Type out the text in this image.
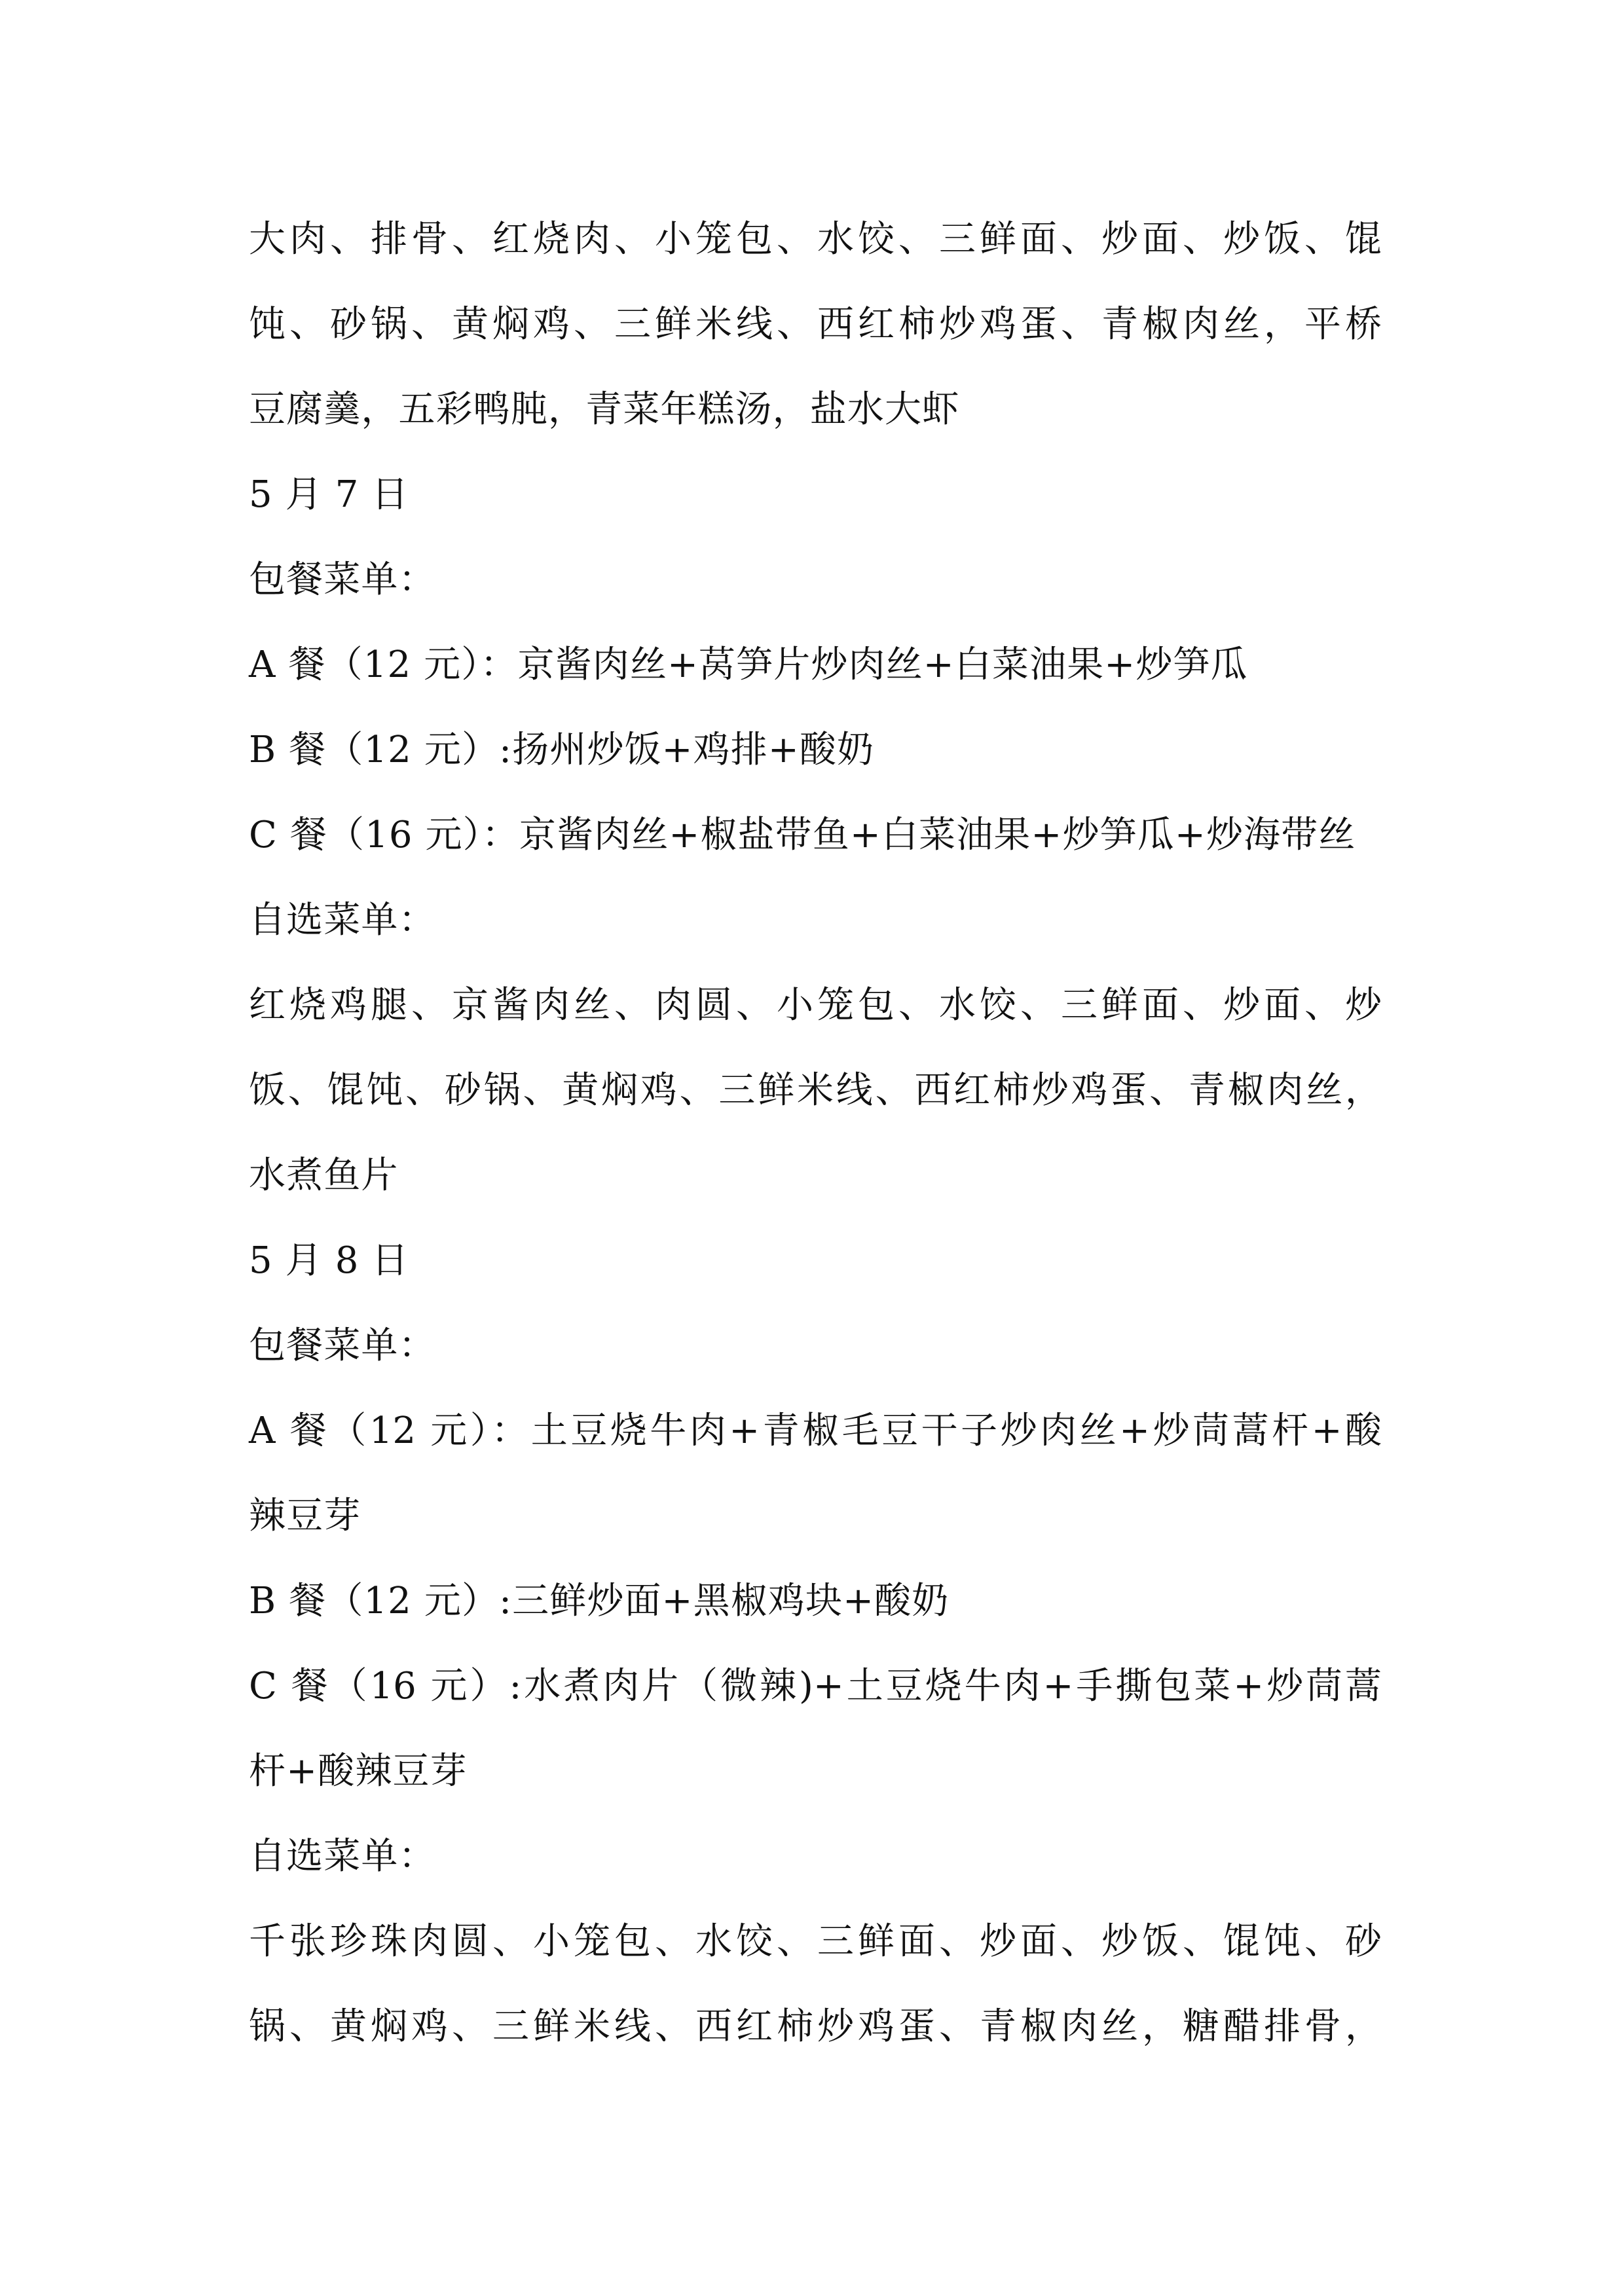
大肉、排骨、红烧肉、小笼包、水饺、三鲜面、炒面、炒饭、馄

饨、砂锅、黄焖鸡、三鲜米线、西红柿炒鸡蛋、青椒肉丝，平桥

豆腐羹，五彩鸭肫，青菜年糕汤，盐水大虾

5 月 7 日

包餐菜单：

A 餐（12 元）：京酱肉丝+莴笋片炒肉丝+白菜油果+炒笋瓜

B 餐（12 元）:扬州炒饭+鸡排+酸奶

C 餐（16 元）：京酱肉丝+椒盐带鱼+白菜油果+炒笋瓜+炒海带丝

自选菜单：

红烧鸡腿、京酱肉丝、肉圆、小笼包、水饺、三鲜面、炒面、炒

饭、馄饨、砂锅、黄焖鸡、三鲜米线、西红柿炒鸡蛋、青椒肉丝，

水煮鱼片

5 月 8 日

包餐菜单：

A 餐（12 元）：土豆烧牛肉+青椒毛豆干子炒肉丝+炒茼蒿杆+酸

辣豆芽

B 餐（12 元）:三鲜炒面+黑椒鸡块+酸奶

C 餐（16 元）:水煮肉片（微辣)+土豆烧牛肉+手撕包菜+炒茼蒿

杆+酸辣豆芽

自选菜单：

千张珍珠肉圆、小笼包、水饺、三鲜面、炒面、炒饭、馄饨、砂

锅、黄焖鸡、三鲜米线、西红柿炒鸡蛋、青椒肉丝，糖醋排骨，
